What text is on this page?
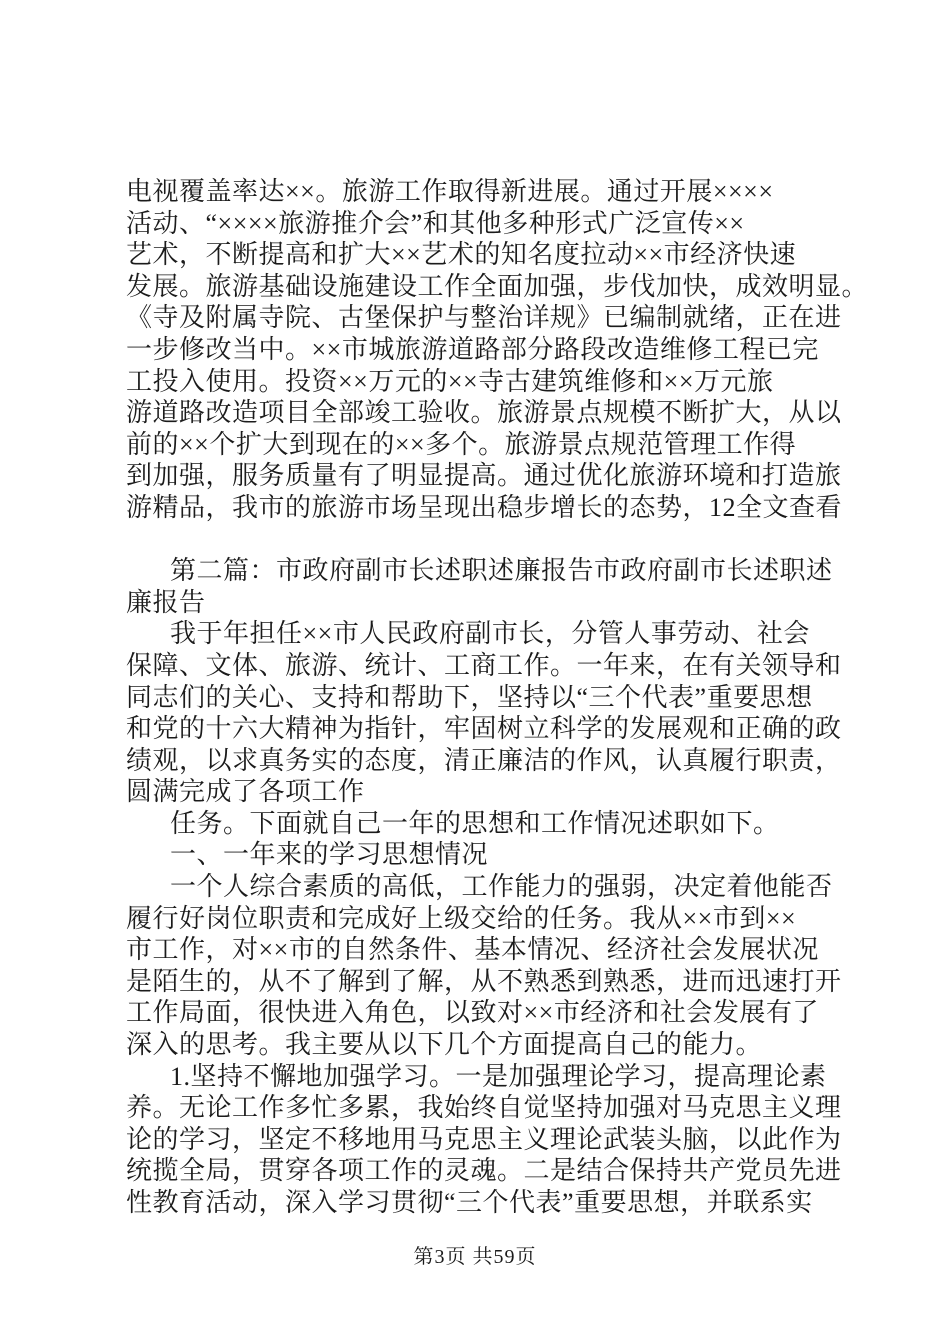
电视覆盖率达××。旅游工作取得新进展。通过开展××××
活动、“××××旅游推介会”和其他多种形式广泛宣传××
艺术，不断提高和扩大××艺术的知名度拉动××市经济快速
发展。旅游基础设施建设工作全面加强，步伐加快，成效明显。
《寺及附属寺院、古堡保护与整治详规》已编制就绪，正在进
一步修改当中。××市城旅游道路部分路段改造维修工程已完
工投入使用。投资××万元的××寺古建筑维修和××万元旅
游道路改造项目全部竣工验收。旅游景点规模不断扩大，从以
前的××个扩大到现在的××多个。旅游景点规范管理工作得
到加强，服务质量有了明显提高。通过优化旅游环境和打造旅
游精品，我市的旅游市场呈现出稳步增长的态势，12全文查看
第二篇：市政府副市长述职述廉报告市政府副市长述职述
廉报告
我于年担任××市人民政府副市长，分管人事劳动、社会
保障、文体、旅游、统计、工商工作。一年来，在有关领导和
同志们的关心、支持和帮助下，坚持以“三个代表”重要思想
和党的十六大精神为指针，牢固树立科学的发展观和正确的政
绩观，以求真务实的态度，清正廉洁的作风，认真履行职责，
圆满完成了各项工作
任务。下面就自己一年的思想和工作情况述职如下。
一、一年来的学习思想情况
一个人综合素质的高低，工作能力的强弱，决定着他能否
履行好岗位职责和完成好上级交给的任务。我从××市到××
市工作，对××市的自然条件、基本情况、经济社会发展状况
是陌生的，从不了解到了解，从不熟悉到熟悉，进而迅速打开
工作局面，很快进入角色，以致对××市经济和社会发展有了
深入的思考。我主要从以下几个方面提高自己的能力。
1.坚持不懈地加强学习。一是加强理论学习，提高理论素
养。无论工作多忙多累，我始终自觉坚持加强对马克思主义理
论的学习，坚定不移地用马克思主义理论武装头脑，以此作为
统揽全局，贯穿各项工作的灵魂。二是结合保持共产党员先进
性教育活动，深入学习贯彻“三个代表”重要思想，并联系实
第3页 共59页
